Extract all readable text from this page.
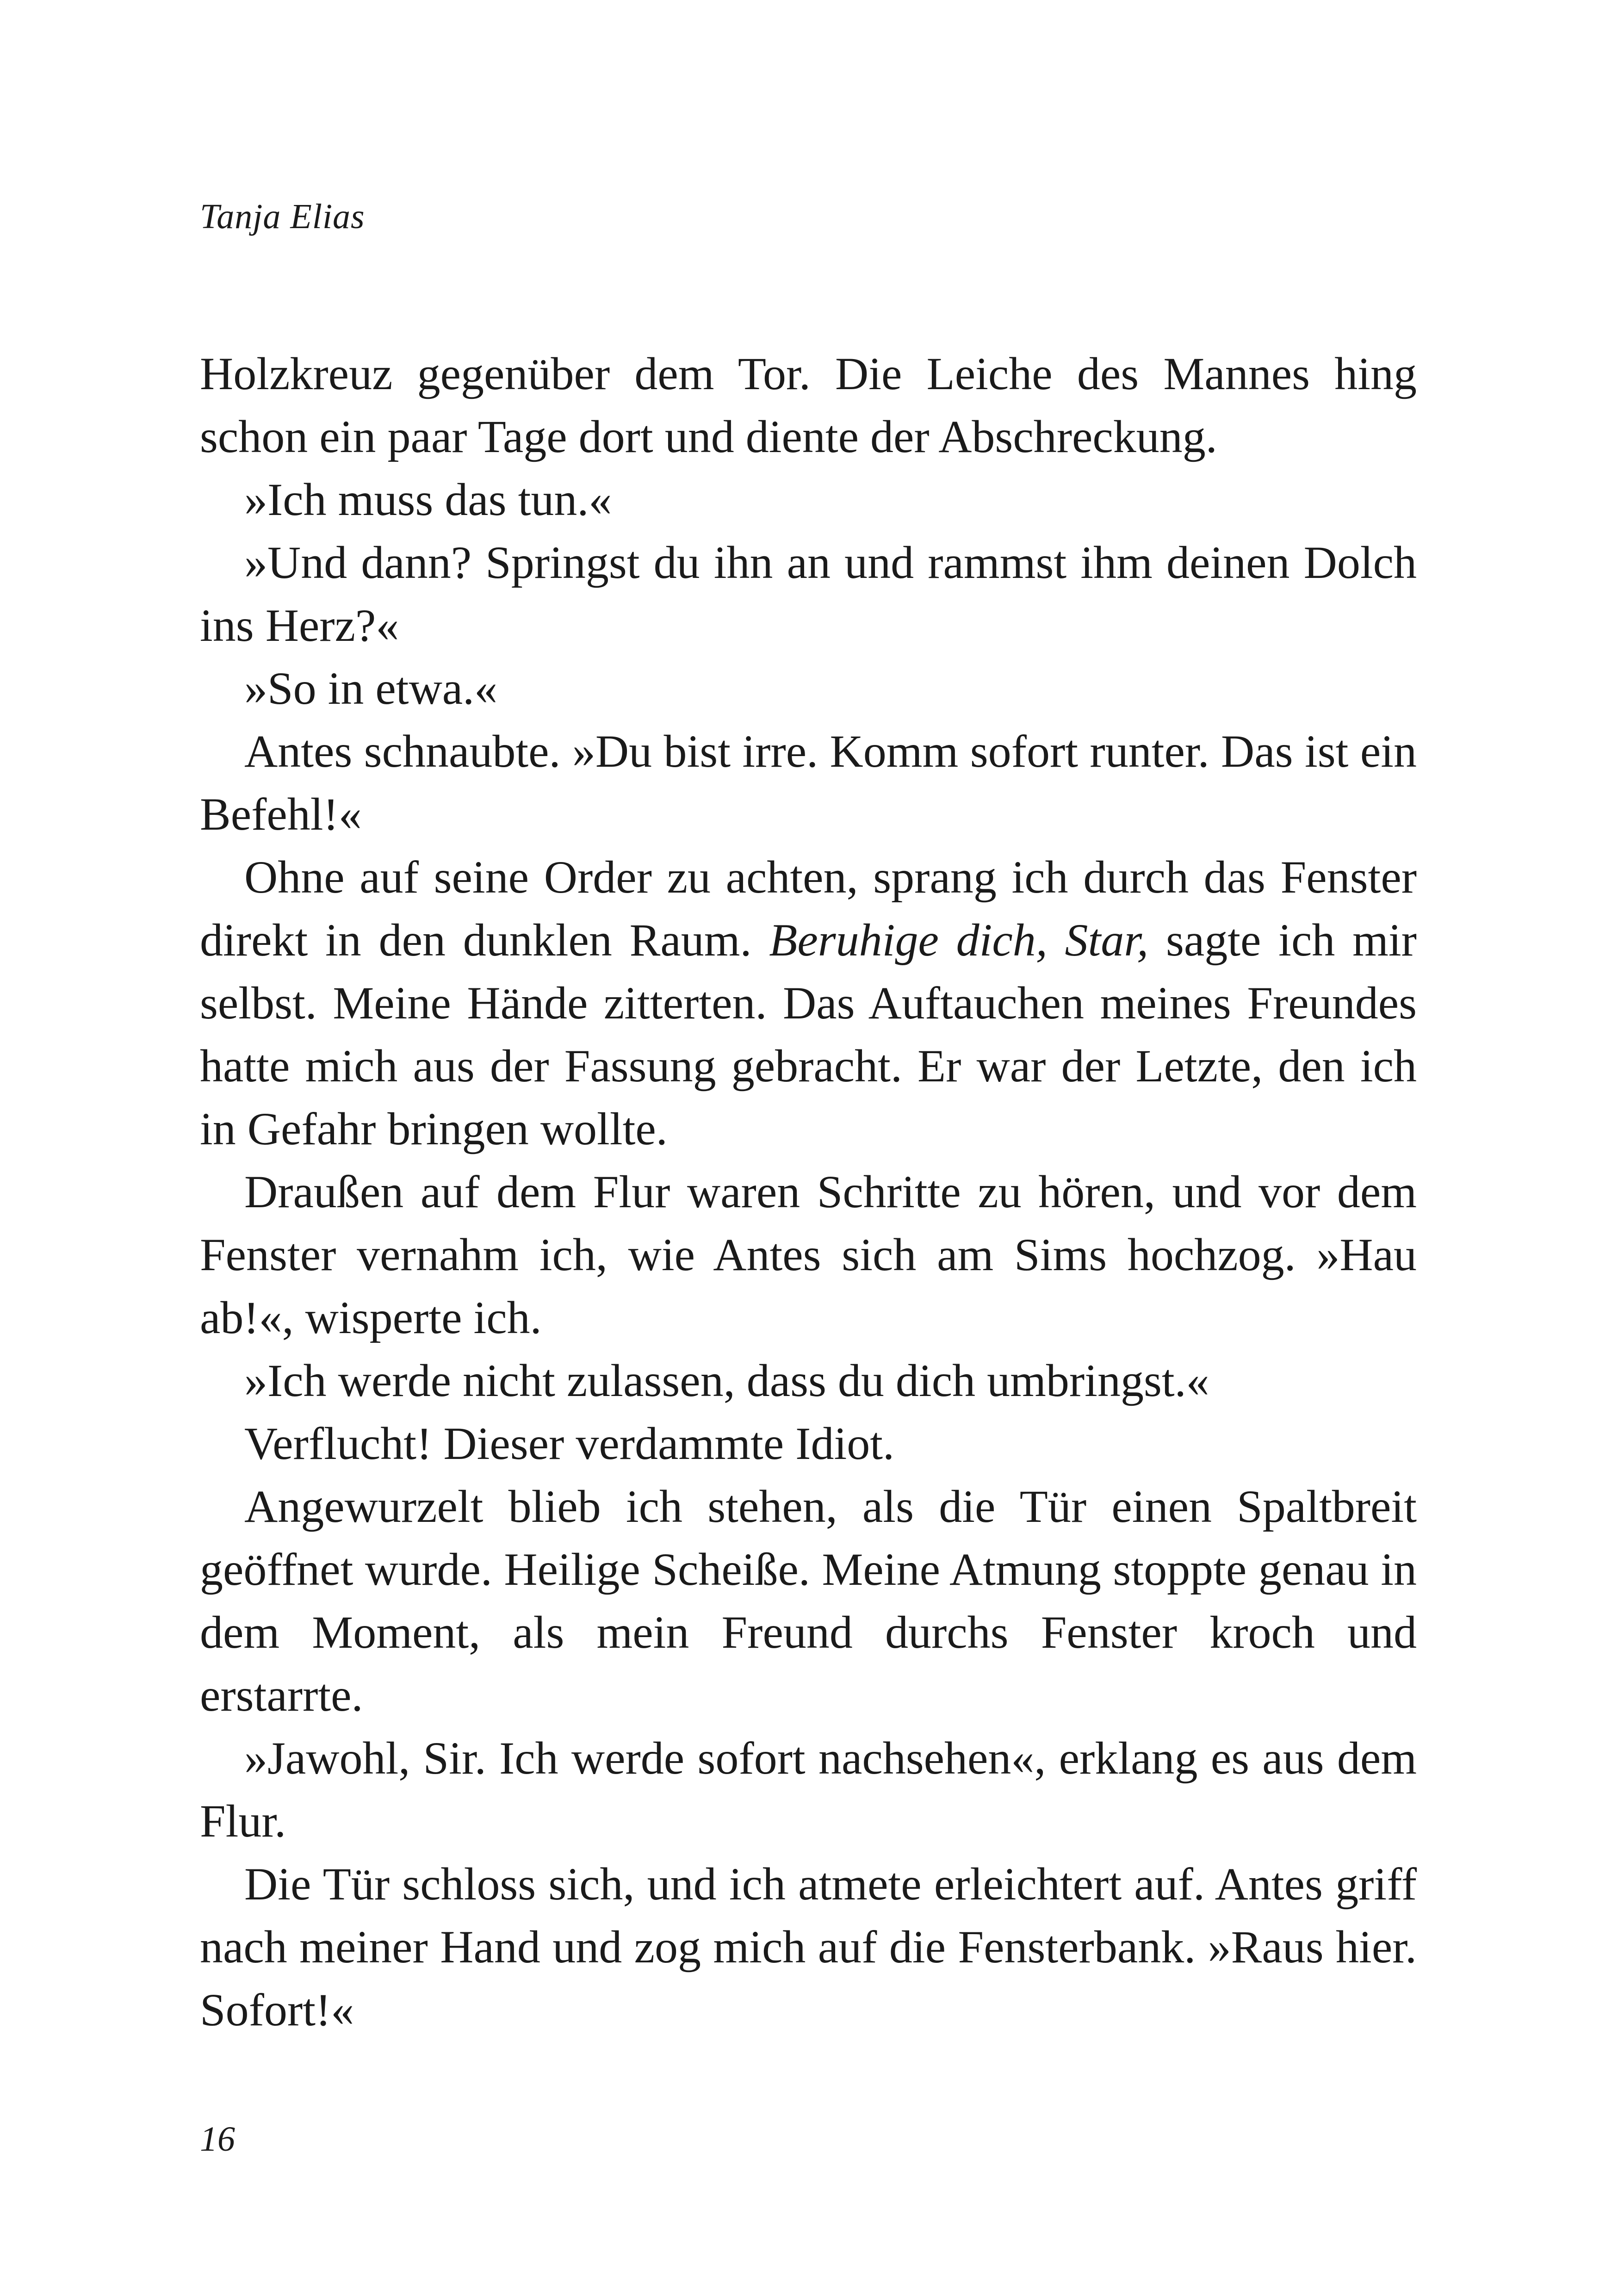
Tanja Elias

Holzkreuz gegenüber dem Tor. Die Leiche des Mannes hing schon ein paar Tage dort und diente der Abschreckung.

»Ich muss das tun.«

»Und dann? Springst du ihn an und rammst ihm deinen Dolch ins Herz?«

»So in etwa.«

Antes schnaubte. »Du bist irre. Komm sofort runter. Das ist ein Befehl!«

Ohne auf seine Order zu achten, sprang ich durch das Fenster direkt in den dunklen Raum. Beruhige dich, Star, sagte ich mir selbst. Meine Hände zitterten. Das Auftauchen meines Freundes hatte mich aus der Fassung gebracht. Er war der Letzte, den ich in Gefahr bringen wollte.

Draußen auf dem Flur waren Schritte zu hören, und vor dem Fenster vernahm ich, wie Antes sich am Sims hochzog. »Hau ab!«, wisperte ich.

»Ich werde nicht zulassen, dass du dich umbringst.«

Verflucht! Dieser verdammte Idiot.

Angewurzelt blieb ich stehen, als die Tür einen Spaltbreit geöffnet wurde. Heilige Scheiße. Meine Atmung stoppte genau in dem Moment, als mein Freund durchs Fenster kroch und erstarrte.

»Jawohl, Sir. Ich werde sofort nachsehen«, erklang es aus dem Flur.

Die Tür schloss sich, und ich atmete erleichtert auf. Antes griff nach meiner Hand und zog mich auf die Fensterbank. »Raus hier. Sofort!«

16
